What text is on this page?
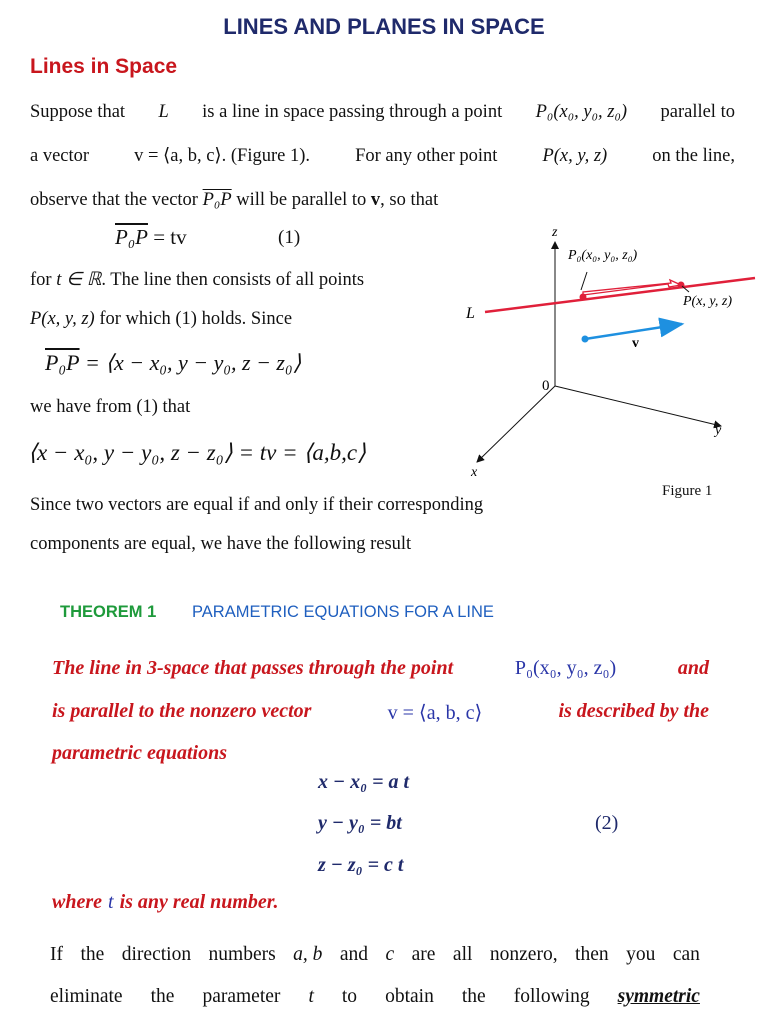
LINES AND PLANES IN SPACE
Lines in Space
Suppose that L is a line in space passing through a point P₀(x₀, y₀, z₀) parallel to
a vector v = ⟨a, b, c⟩. (Figure 1). For any other point P(x, y, z) on the line,
observe that the vector P₀P will be parallel to v, so that
P₀P = tv	(1)
for t ∈ ℝ. The line then consists of all points
P(x, y, z) for which (1) holds. Since
P₀P = ⟨x − x₀, y − y₀, z − z₀⟩
we have from (1) that
⟨x − x₀, y − y₀, z − z₀⟩ = tv = ⟨a,b,c⟩
Since two vectors are equal if and only if their corresponding
components are equal, we have the following result
z
y
x
0
L
P₀(x₀, y₀, z₀)
P(x, y, z)
v
Figure 1
THEOREM 1 PARAMETRIC EQUATIONS FOR A LINE
The line in 3-space that passes through the point	P₀(x₀, y₀, z₀)	and
is parallel to the nonzero vector	v = ⟨a, b, c⟩	is described by the
parametric equations
x − x₀ = a t
y − y₀ = bt
z − z₀ = c t
(2)
where t is any real number.
If the direction numbers a, b and c are all nonzero, then you can
eliminate the parameter t to obtain the following symmetric
